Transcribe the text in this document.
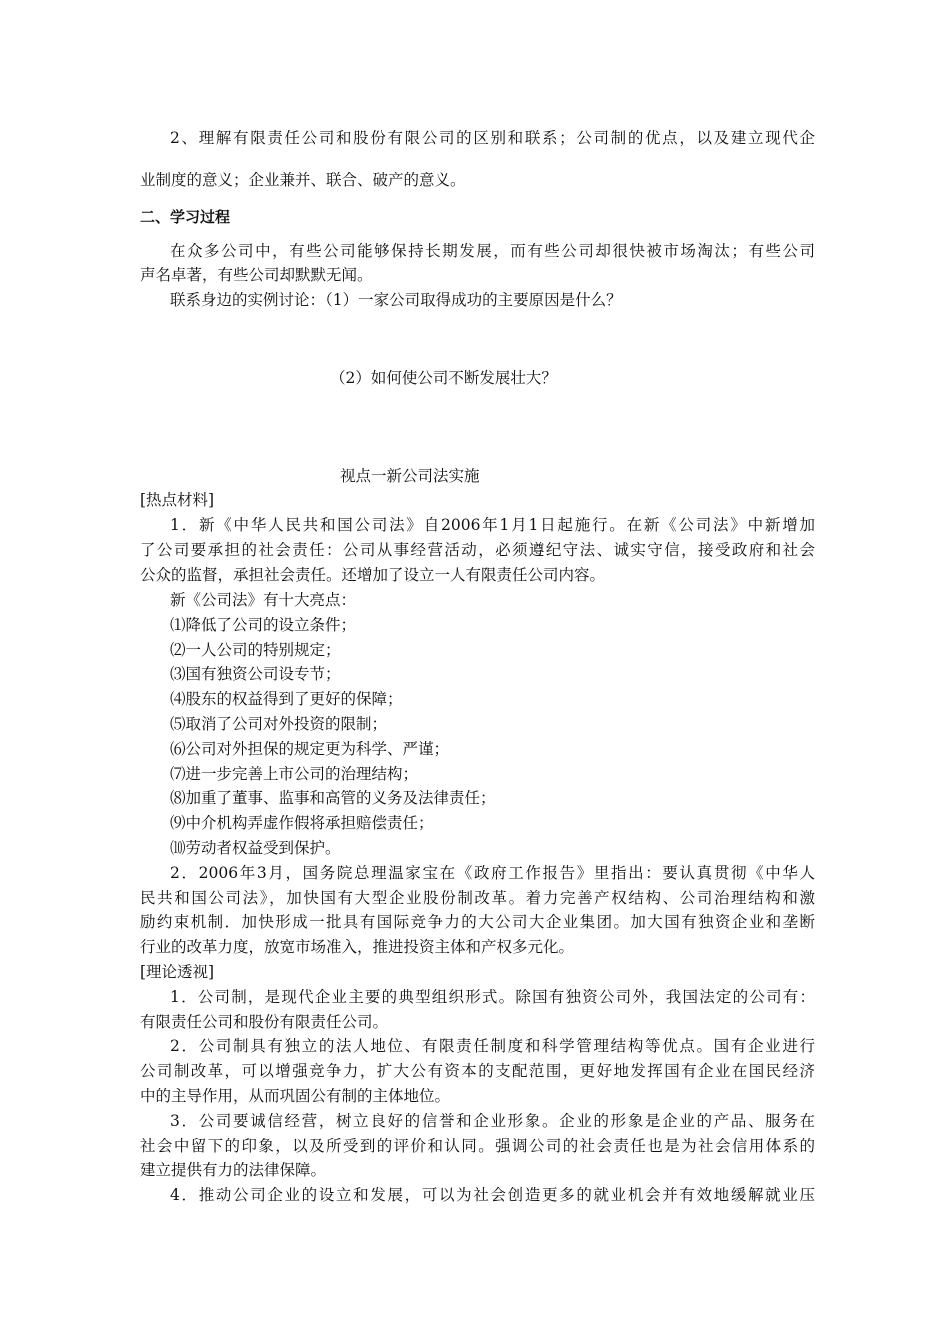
2、理解有限责任公司和股份有限公司的区别和联系；公司制的优点，以及建立现代企
业制度的意义；企业兼并、联合、破产的意义。
二、学习过程
在众多公司中，有些公司能够保持长期发展，而有些公司却很快被市场淘汰；有些公司
声名卓著，有些公司却默默无闻。
联系身边的实例讨论：（1）一家公司取得成功的主要原因是什么？
（2）如何使公司不断发展壮大？
视点一新公司法实施
[热点材料]
1．新《中华人民共和国公司法》自2006年1月1日起施行。在新《公司法》中新增加
了公司要承担的社会责任：公司从事经营活动，必须遵纪守法、诚实守信，接受政府和社会
公众的监督，承担社会责任。还增加了设立一人有限责任公司内容。
新《公司法》有十大亮点：
⑴降低了公司的设立条件；
⑵一人公司的特别规定；
⑶国有独资公司设专节；
⑷股东的权益得到了更好的保障；
⑸取消了公司对外投资的限制；
⑹公司对外担保的规定更为科学、严谨；
⑺进一步完善上市公司的治理结构；
⑻加重了董事、监事和高管的义务及法律责任；
⑼中介机构弄虚作假将承担赔偿责任；
⑽劳动者权益受到保护。
2．2006年3月，国务院总理温家宝在《政府工作报告》里指出：要认真贯彻《中华人
民共和国公司法》，加快国有大型企业股份制改革。着力完善产权结构、公司治理结构和激
励约束机制．加快形成一批具有国际竞争力的大公司大企业集团。加大国有独资企业和垄断
行业的改革力度，放宽市场准入，推进投资主体和产权多元化。
[理论透视]
1．公司制，是现代企业主要的典型组织形式。除国有独资公司外，我国法定的公司有：
有限责任公司和股份有限责任公司。
2．公司制具有独立的法人地位、有限责任制度和科学管理结构等优点。国有企业进行
公司制改革，可以增强竞争力，扩大公有资本的支配范围，更好地发挥国有企业在国民经济
中的主导作用，从而巩固公有制的主体地位。
3．公司要诚信经营，树立良好的信誉和企业形象。企业的形象是企业的产品、服务在
社会中留下的印象，以及所受到的评价和认同。强调公司的社会责任也是为社会信用体系的
建立提供有力的法律保障。
4．推动公司企业的设立和发展，可以为社会创造更多的就业机会并有效地缓解就业压
